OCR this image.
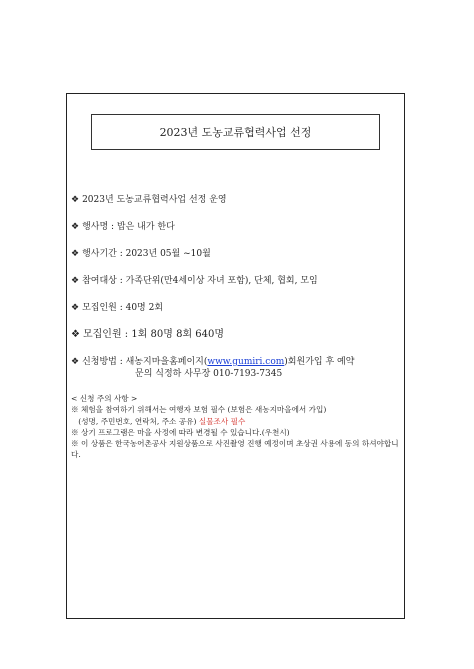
2023년 도농교류협력사업 선정
❖ 2023년 도농교류협력사업 선정 운영
❖ 행사명 : 밥은 내가 한다
❖ 행사기간 : 2023년 05월 ~10월
❖ 참여대상 : 가족단위(만4세이상 자녀 포함), 단체, 협회, 모임
❖ 모집인원 : 40명 2회
❖ 모집인원 : 1회 80명 8회 640명
❖ 신청방법 : 새농지마을홈페이지(www.gumiri.com)회원가입 후 예약
문의 식정하 사무장 010-7193-7345
< 신청 주의 사항 >
※ 체험을 참여하기 위해서는 여행자 보험 필수 (보험은 새농지마을에서 가입)
(성명, 주민번호, 연락처, 주소 공유) 실물조사 필수
※ 상기 프로그램은 마을 사정에 따라 변경될 수 있습니다.(우천시)
※ 이 상품은 한국농어촌공사 지원상품으로 사진촬영 진행 예정이며 초상권 사용에 동의 하셔야합니다.
